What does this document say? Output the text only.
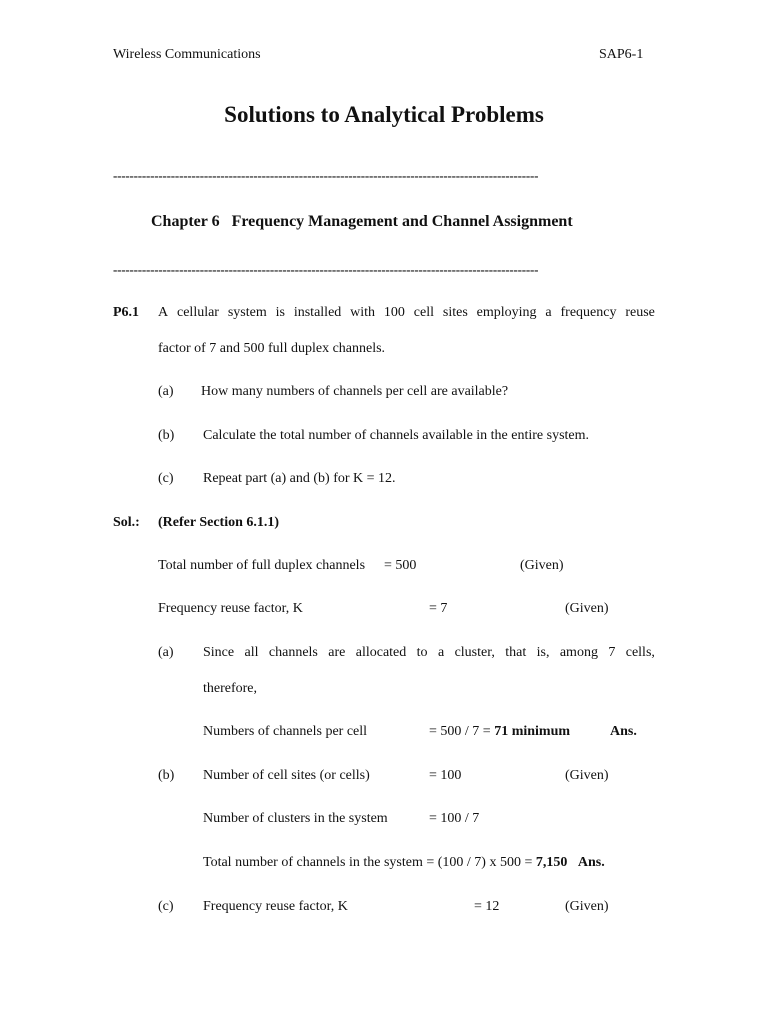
Wireless Communications	SAP6-1
Solutions to Analytical Problems
-------------------------------------------------------------------------------------------------------
Chapter 6 Frequency Management and Channel Assignment
-------------------------------------------------------------------------------------------------------
P6.1 A cellular system is installed with 100 cell sites employing a frequency reuse
factor of 7 and 500 full duplex channels.
(a) How many numbers of channels per cell are available?
(b) Calculate the total number of channels available in the entire system.
(c) Repeat part (a) and (b) for K = 12.
Sol.: (Refer Section 6.1.1)
Total number of full duplex channels = 500	(Given)
Frequency reuse factor, K	= 7	(Given)
(a) Since all channels are allocated to a cluster, that is, among 7 cells,
therefore,
Numbers of channels per cell	= 500 / 7 = 71 minimum	Ans.
(b) Number of cell sites (or cells)	= 100	(Given)
Number of clusters in the system	= 100 / 7
Total number of channels in the system = (100 / 7) x 500 = 7,150 Ans.
(c) Frequency reuse factor, K	= 12	(Given)
